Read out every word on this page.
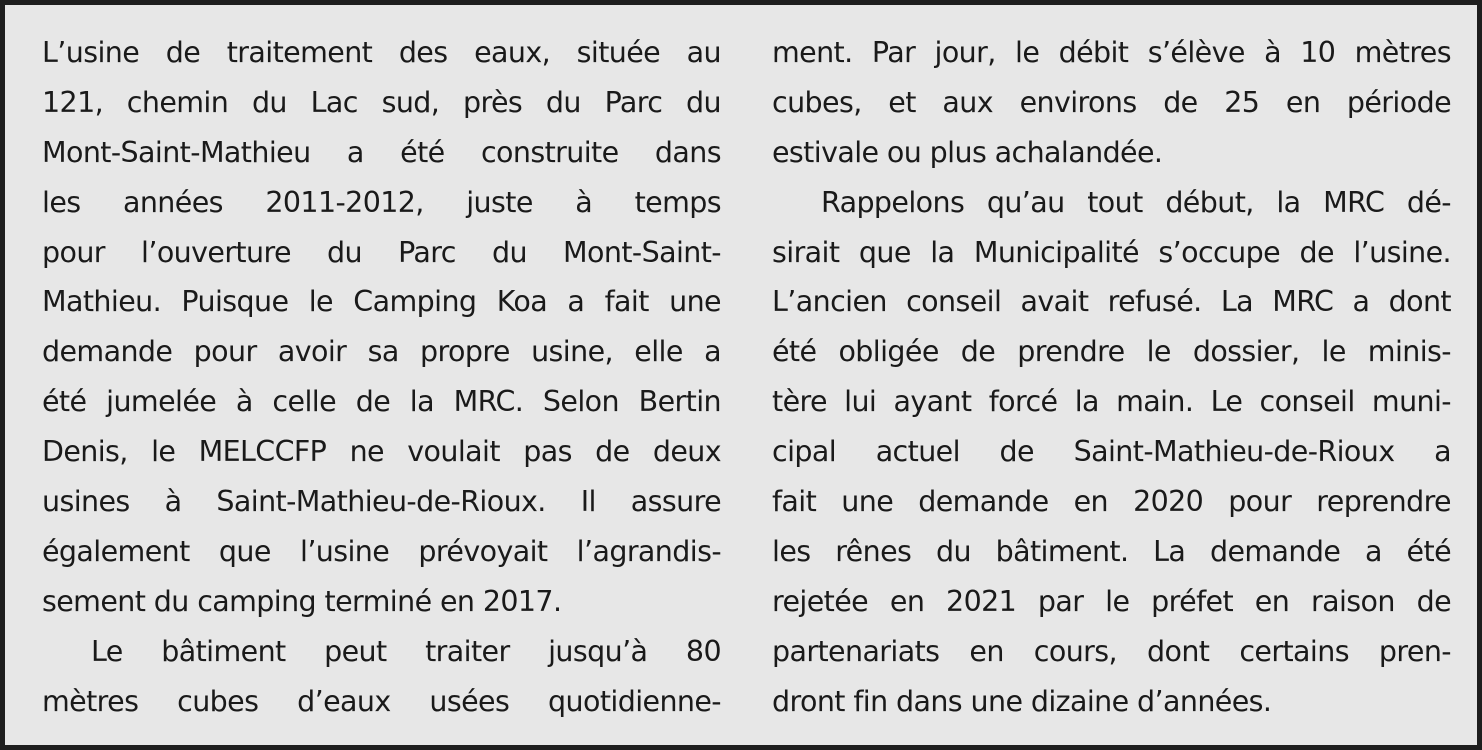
L’usine de traitement des eaux, située au
121, chemin du Lac sud, près du Parc du
Mont-Saint-Mathieu a été construite dans
les années 2011-2012, juste à temps
pour l’ouverture du Parc du Mont-Saint-
Mathieu. Puisque le Camping Koa a fait une
demande pour avoir sa propre usine, elle a
été jumelée à celle de la MRC. Selon Bertin
Denis, le MELCCFP ne voulait pas de deux
usines à Saint-Mathieu-de-Rioux. Il assure
également que l’usine prévoyait l’agrandis-
sement du camping terminé en 2017.
Le bâtiment peut traiter jusqu’à 80
mètres cubes d’eaux usées quotidienne-
ment. Par jour, le débit s’élève à 10 mètres
cubes, et aux environs de 25 en période
estivale ou plus achalandée.
Rappelons qu’au tout début, la MRC dé-
sirait que la Municipalité s’occupe de l’usine.
L’ancien conseil avait refusé. La MRC a dont
été obligée de prendre le dossier, le minis-
tère lui ayant forcé la main. Le conseil muni-
cipal actuel de Saint-Mathieu-de-Rioux a
fait une demande en 2020 pour reprendre
les rênes du bâtiment. La demande a été
rejetée en 2021 par le préfet en raison de
partenariats en cours, dont certains pren-
dront fin dans une dizaine d’années.
